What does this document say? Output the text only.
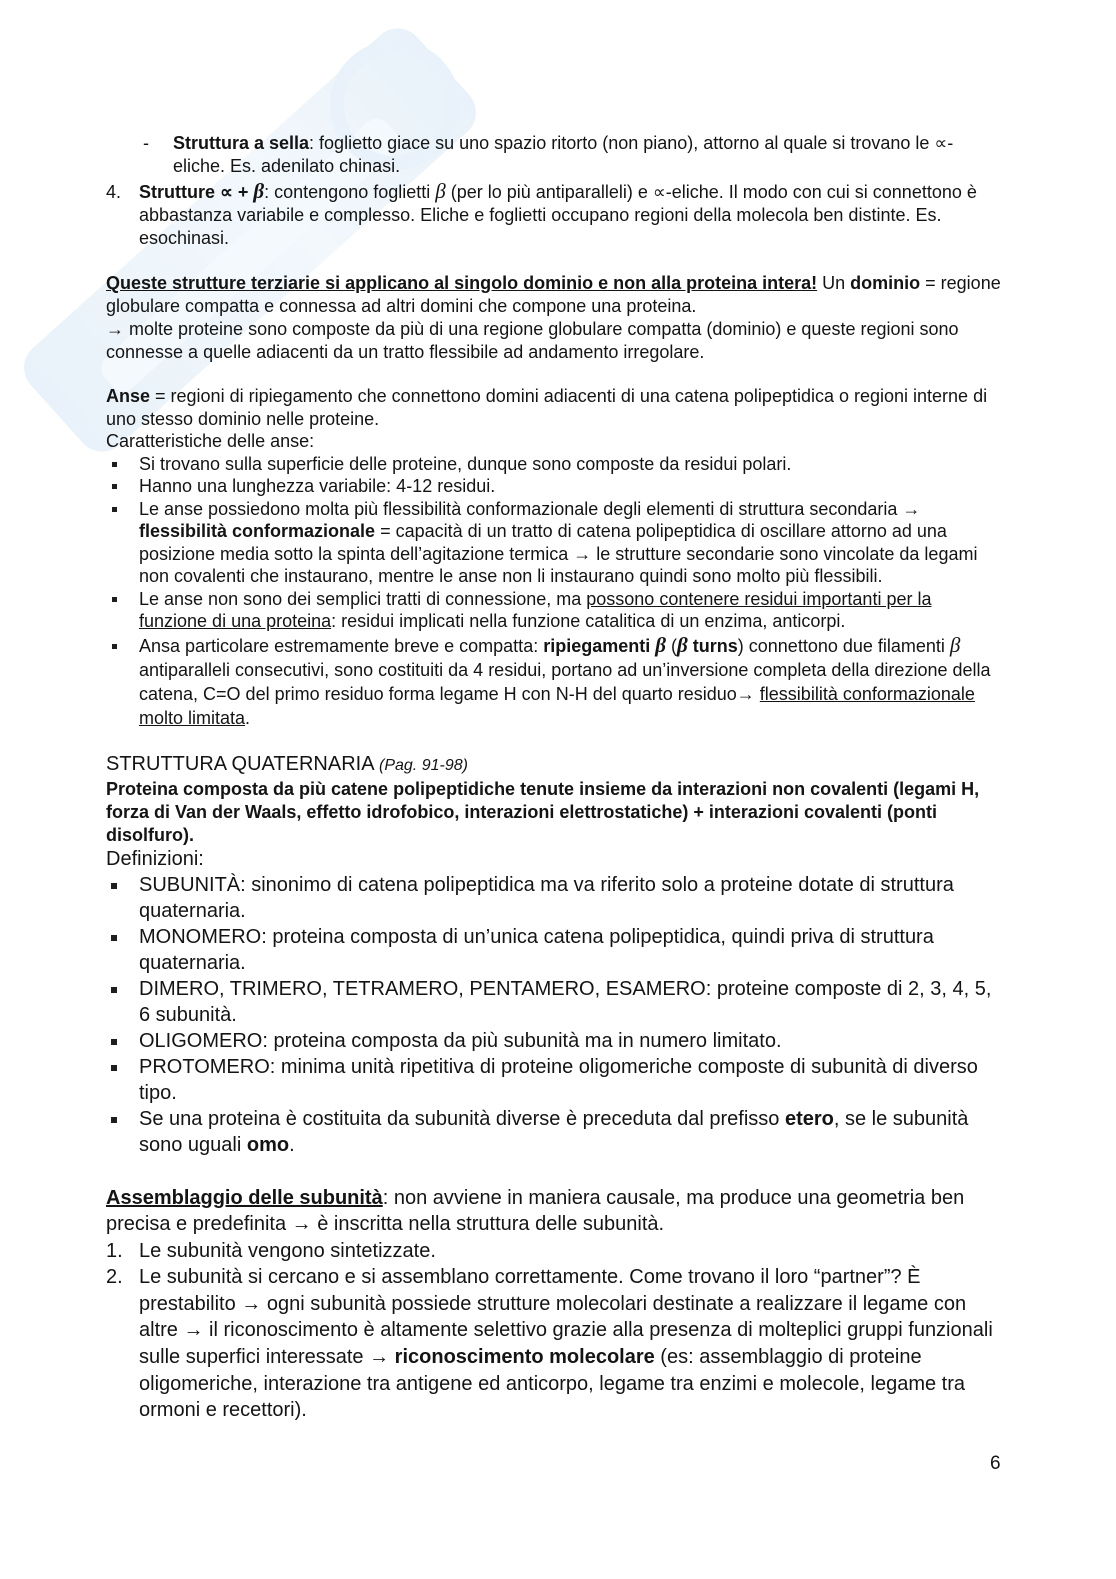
- Struttura a sella: foglietto giace su uno spazio ritorto (non piano), attorno al quale si trovano le ∝-eliche. Es. adenilato chinasi.
4. Strutture ∝ + β: contengono foglietti β (per lo più antiparalleli) e ∝-eliche. Il modo con cui si connettono è abbastanza variabile e complesso. Eliche e foglietti occupano regioni della molecola ben distinte. Es. esochinasi.
Queste strutture terziarie si applicano al singolo dominio e non alla proteina intera! Un dominio = regione globulare compatta e connessa ad altri domini che compone una proteina.
→ molte proteine sono composte da più di una regione globulare compatta (dominio) e queste regioni sono connesse a quelle adiacenti da un tratto flessibile ad andamento irregolare.
Anse = regioni di ripiegamento che connettono domini adiacenti di una catena polipeptidica o regioni interne di uno stesso dominio nelle proteine.
Caratteristiche delle anse:
Si trovano sulla superficie delle proteine, dunque sono composte da residui polari.
Hanno una lunghezza variabile: 4-12 residui.
Le anse possiedono molta più flessibilità conformazionale degli elementi di struttura secondaria → flessibilità conformazionale = capacità di un tratto di catena polipeptidica di oscillare attorno ad una posizione media sotto la spinta dell’agitazione termica → le strutture secondarie sono vincolate da legami non covalenti che instaurano, mentre le anse non li instaurano quindi sono molto più flessibili.
Le anse non sono dei semplici tratti di connessione, ma possono contenere residui importanti per la funzione di una proteina: residui implicati nella funzione catalitica di un enzima, anticorpi.
Ansa particolare estremamente breve e compatta: ripiegamenti β (β turns) connettono due filamenti β antiparalleli consecutivi, sono costituiti da 4 residui, portano ad un’inversione completa della direzione della catena, C=O del primo residuo forma legame H con N-H del quarto residuo→ flessibilità conformazionale molto limitata.
STRUTTURA QUATERNARIA (Pag. 91-98)
Proteina composta da più catene polipeptidiche tenute insieme da interazioni non covalenti (legami H, forza di Van der Waals, effetto idrofobico, interazioni elettrostatiche) + interazioni covalenti (ponti disolfuro).
Definizioni:
SUBUNITÀ: sinonimo di catena polipeptidica ma va riferito solo a proteine dotate di struttura quaternaria.
MONOMERO: proteina composta di un’unica catena polipeptidica, quindi priva di struttura quaternaria.
DIMERO, TRIMERO, TETRAMERO, PENTAMERO, ESAMERO: proteine composte di 2, 3, 4, 5, 6 subunità.
OLIGOMERO: proteina composta da più subunità ma in numero limitato.
PROTOMERO: minima unità ripetitiva di proteine oligomeriche composte di subunità di diverso tipo.
Se una proteina è costituita da subunità diverse è preceduta dal prefisso etero, se le subunità sono uguali omo.
Assemblaggio delle subunità: non avviene in maniera causale, ma produce una geometria ben precisa e predefinita → è inscritta nella struttura delle subunità.
1. Le subunità vengono sintetizzate.
2. Le subunità si cercano e si assemblano correttamente. Come trovano il loro “partner”? È prestabilito → ogni subunità possiede strutture molecolari destinate a realizzare il legame con altre → il riconoscimento è altamente selettivo grazie alla presenza di molteplici gruppi funzionali sulle superfici interessate → riconoscimento molecolare (es: assemblaggio di proteine oligomeriche, interazione tra antigene ed anticorpo, legame tra enzimi e molecole, legame tra ormoni e recettori).
6
